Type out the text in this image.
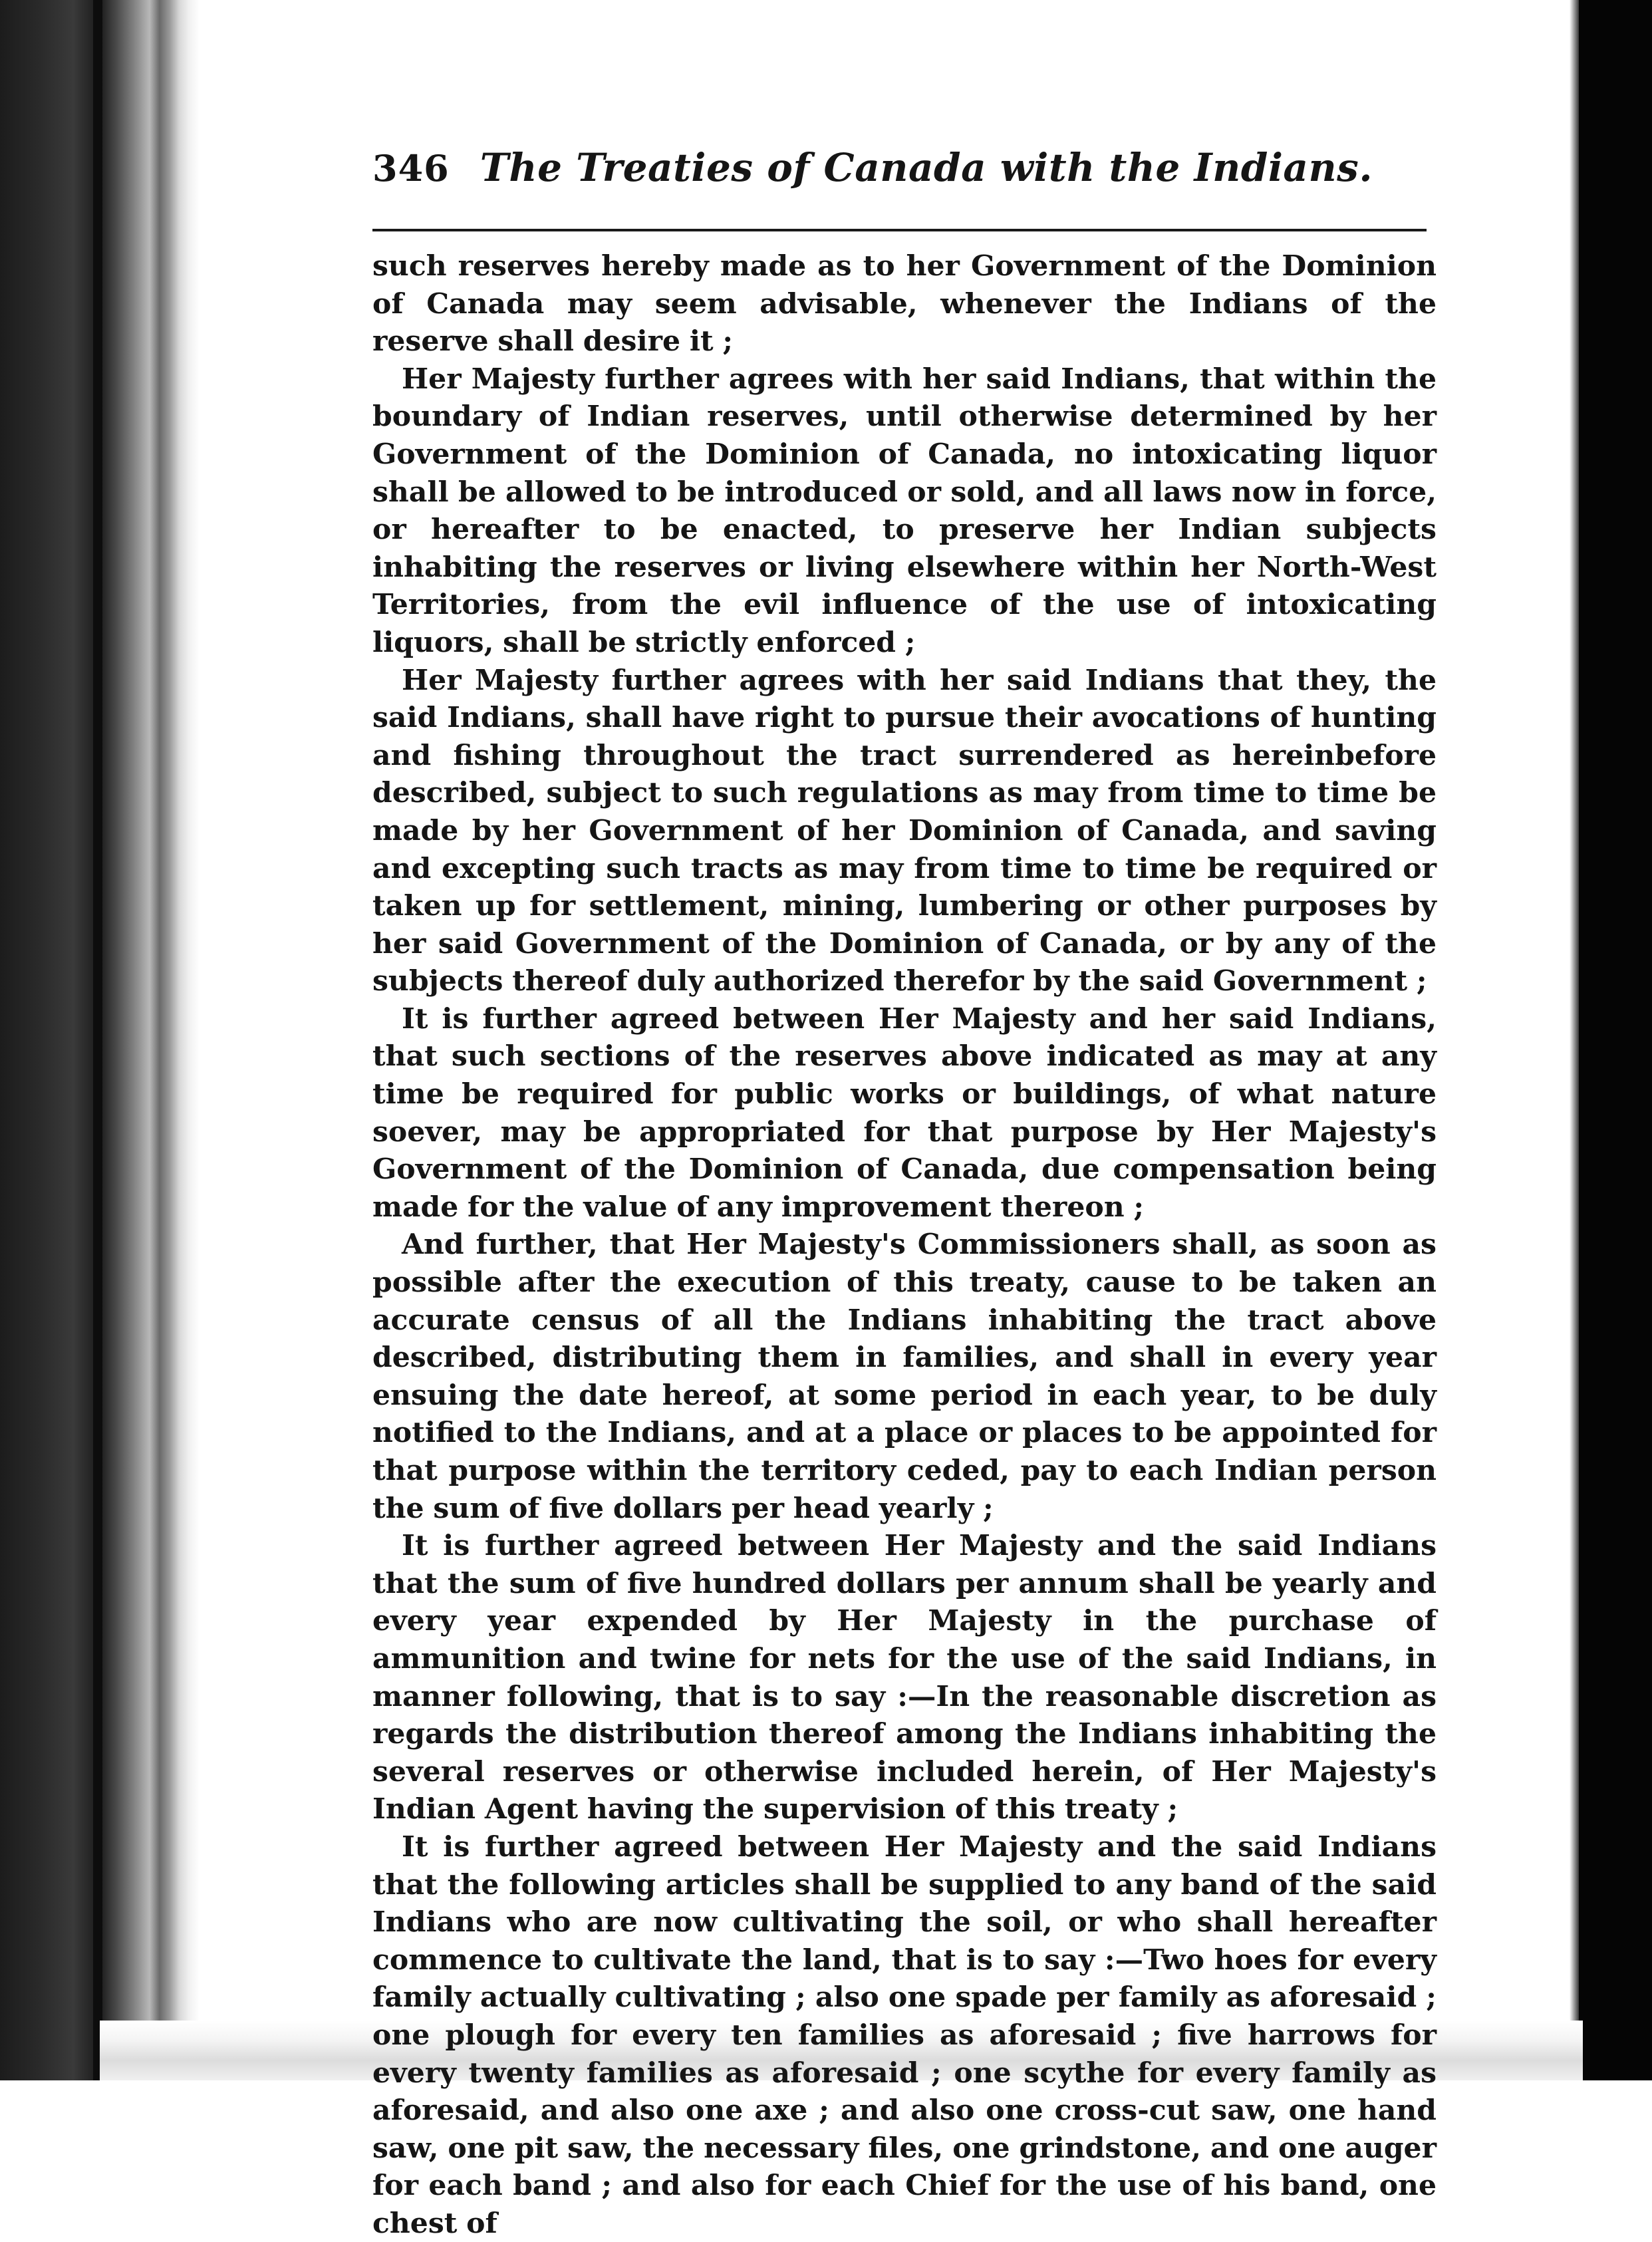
346 The Treaties of Canada with the Indians.

such reserves hereby made as to her Government of the Dominion of Canada may seem advisable, whenever the Indians of the reserve shall desire it ;

Her Majesty further agrees with her said Indians, that within the boundary of Indian reserves, until otherwise determined by her Government of the Dominion of Canada, no intoxicating liquor shall be allowed to be introduced or sold, and all laws now in force, or hereafter to be enacted, to preserve her Indian subjects inhabiting the reserves or living elsewhere within her North-West Territories, from the evil influence of the use of intoxicating liquors, shall be strictly enforced ;

Her Majesty further agrees with her said Indians that they, the said Indians, shall have right to pursue their avocations of hunting and fishing throughout the tract surrendered as hereinbefore described, subject to such regulations as may from time to time be made by her Government of her Dominion of Canada, and saving and excepting such tracts as may from time to time be required or taken up for settlement, mining, lumbering or other purposes by her said Government of the Dominion of Canada, or by any of the subjects thereof duly authorized therefor by the said Government ;

It is further agreed between Her Majesty and her said Indians, that such sections of the reserves above indicated as may at any time be required for public works or buildings, of what nature soever, may be appropriated for that purpose by Her Majesty's Government of the Dominion of Canada, due compensation being made for the value of any improvement thereon ;

And further, that Her Majesty's Commissioners shall, as soon as possible after the execution of this treaty, cause to be taken an accurate census of all the Indians inhabiting the tract above described, distributing them in families, and shall in every year ensuing the date hereof, at some period in each year, to be duly notified to the Indians, and at a place or places to be appointed for that purpose within the territory ceded, pay to each Indian person the sum of five dollars per head yearly ;

It is further agreed between Her Majesty and the said Indians that the sum of five hundred dollars per annum shall be yearly and every year expended by Her Majesty in the purchase of ammunition and twine for nets for the use of the said Indians, in manner following, that is to say :—In the reasonable discretion as regards the distribution thereof among the Indians inhabiting the several reserves or otherwise included herein, of Her Majesty's Indian Agent having the supervision of this treaty ;

It is further agreed between Her Majesty and the said Indians that the following articles shall be supplied to any band of the said Indians who are now cultivating the soil, or who shall hereafter commence to cultivate the land, that is to say :—Two hoes for every family actually cultivating ; also one spade per family as aforesaid ; one plough for every ten families as aforesaid ; five harrows for every twenty families as aforesaid ; one scythe for every family as aforesaid, and also one axe ; and also one cross-cut saw, one hand saw, one pit saw, the necessary files, one grindstone, and one auger for each band ; and also for each Chief for the use of his band, one chest of
